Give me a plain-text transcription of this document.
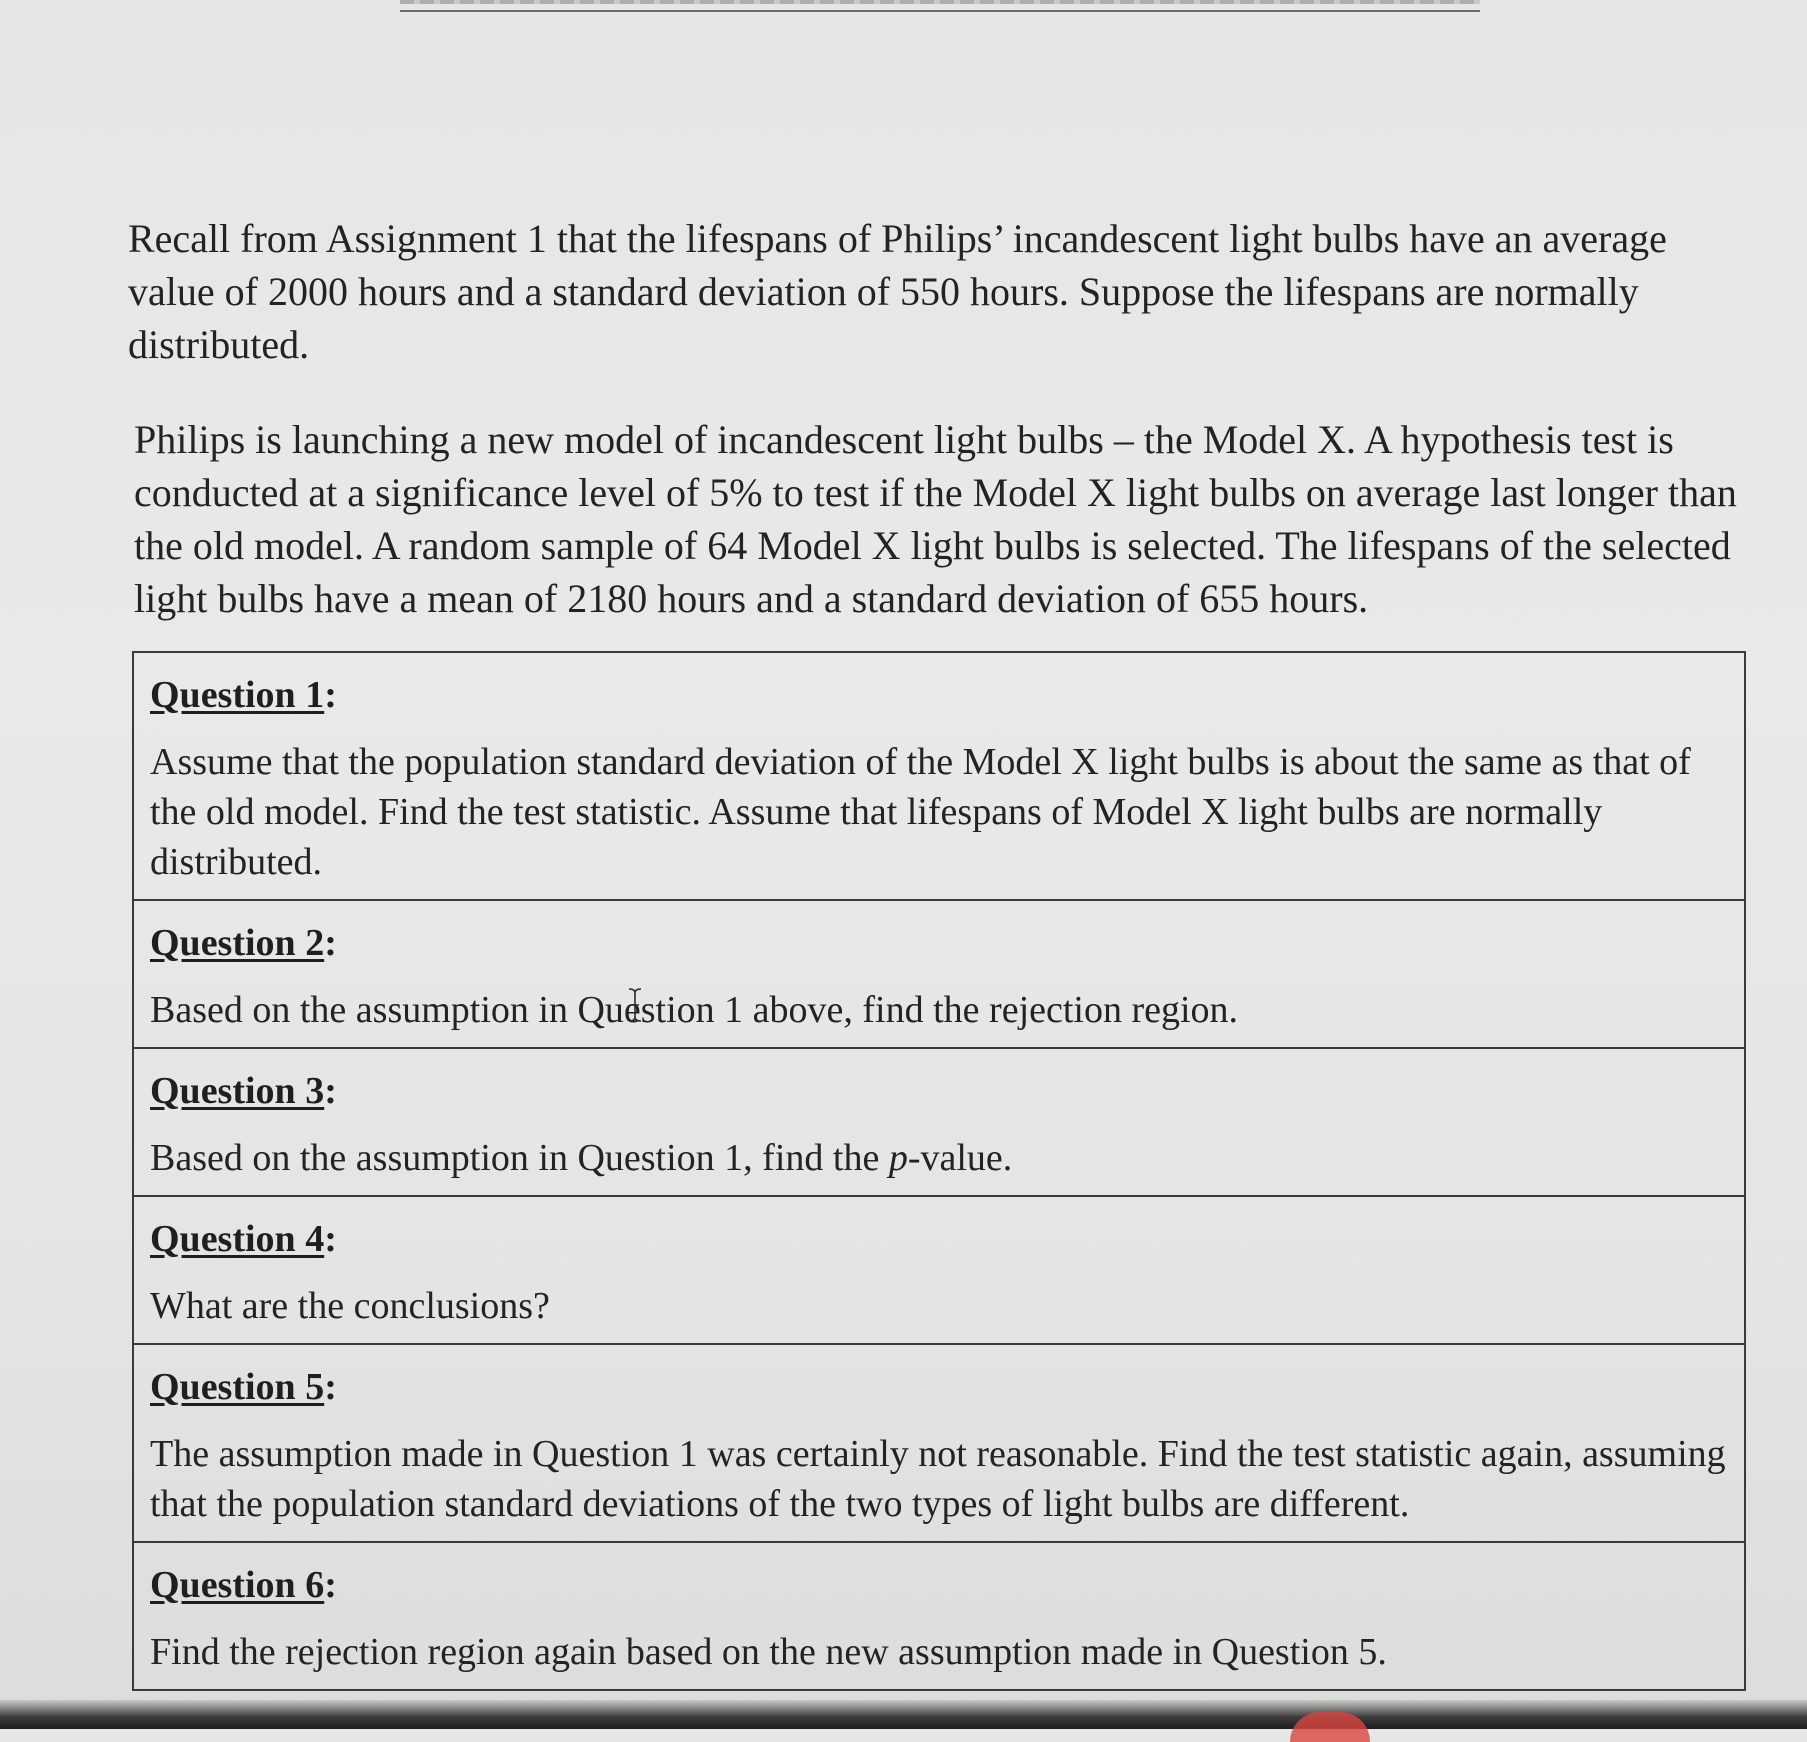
Recall from Assignment 1 that the lifespans of Philips’ incandescent light bulbs have an average value of 2000 hours and a standard deviation of 550 hours. Suppose the lifespans are normally distributed.

Philips is launching a new model of incandescent light bulbs – the Model X. A hypothesis test is conducted at a significance level of 5% to test if the Model X light bulbs on average last longer than the old model. A random sample of 64 Model X light bulbs is selected. The lifespans of the selected light bulbs have a mean of 2180 hours and a standard deviation of 655 hours.

Question 1:

Assume that the population standard deviation of the Model X light bulbs is about the same as that of the old model. Find the test statistic. Assume that lifespans of Model X light bulbs are normally distributed.

Question 2:

Based on the assumption in Question 1 above, find the rejection region.

Question 3:

Based on the assumption in Question 1, find the p-value.

Question 4:

What are the conclusions?

Question 5:

The assumption made in Question 1 was certainly not reasonable. Find the test statistic again, assuming that the population standard deviations of the two types of light bulbs are different.

Question 6:

Find the rejection region again based on the new assumption made in Question 5.
